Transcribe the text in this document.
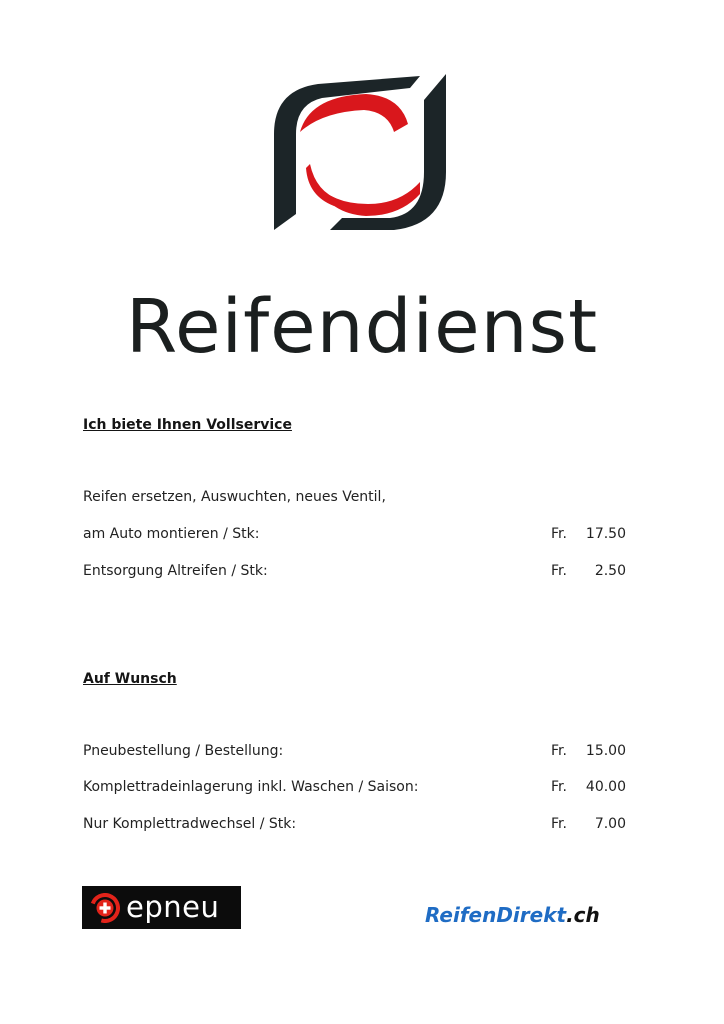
Reifendienst
Ich biete Ihnen Vollservice
Reifen ersetzen, Auswuchten, neues Ventil,
am Auto montieren / Stk:	Fr. 17.50
Entsorgung Altreifen / Stk:	Fr. 2.50
Auf Wunsch
Pneubestellung / Bestellung:	Fr. 15.00
Komplettradeinlagerung inkl. Waschen / Saison:	Fr. 40.00
Nur Komplettradwechsel / Stk:	Fr. 7.00
epneu	ReifenDirekt.ch
